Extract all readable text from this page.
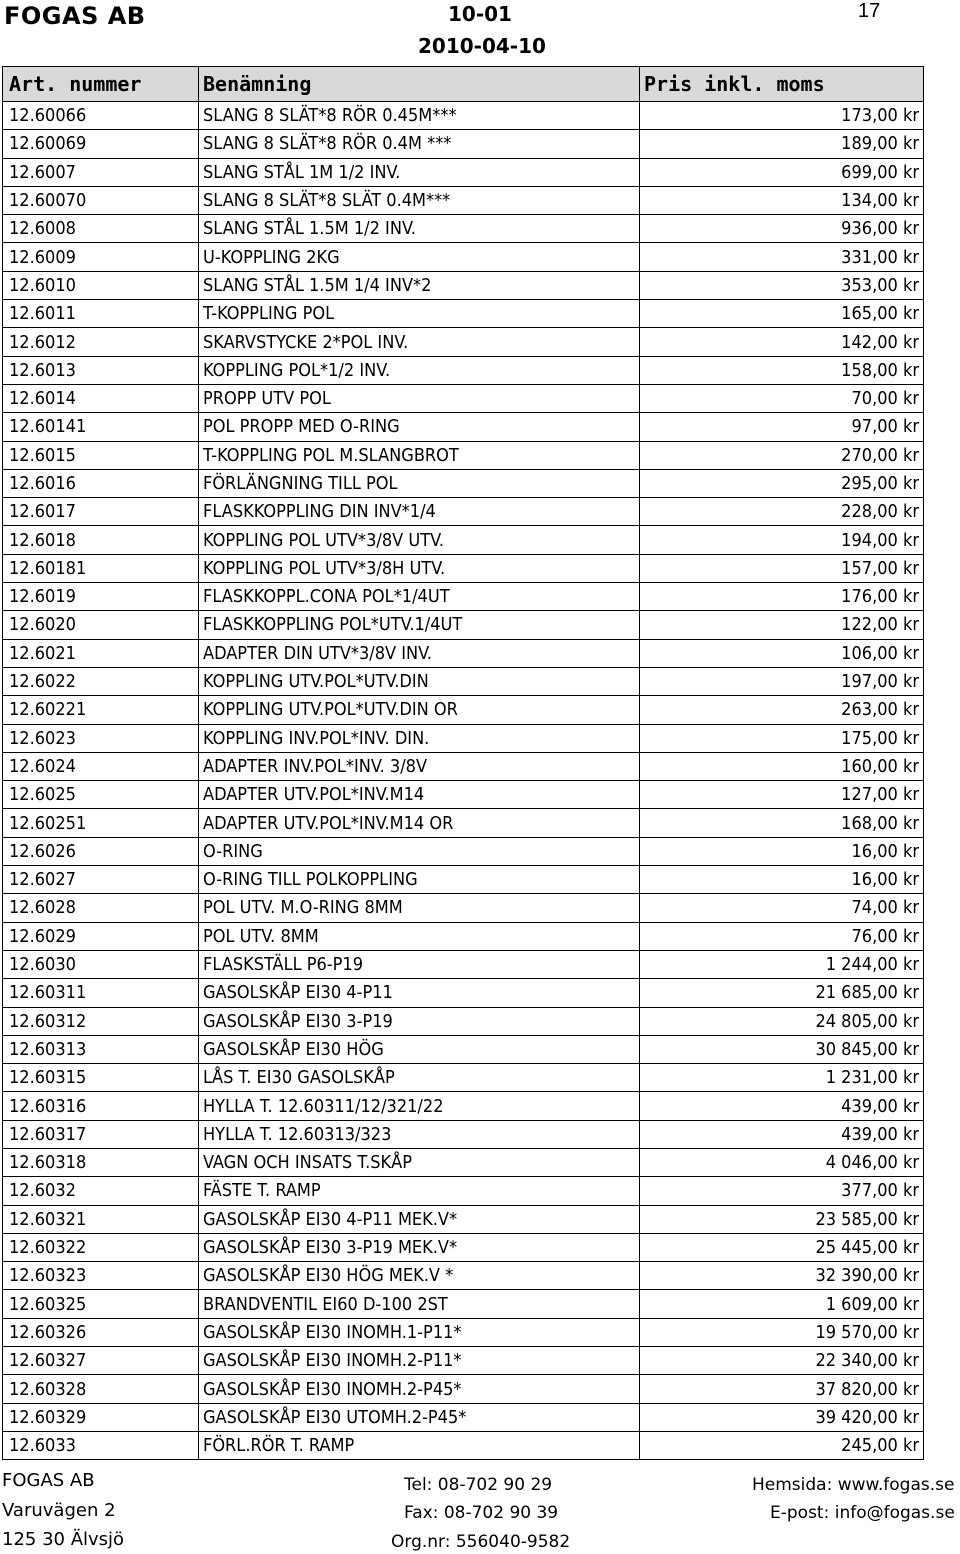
FOGAS AB	10-01
2010-04-10
17
Art. nummer	Benämning	Pris inkl. moms
12.60066	SLANG 8 SLÄT*8 RÖR 0.45M***	173,00 kr
12.60069	SLANG 8 SLÄT*8 RÖR 0.4M ***	189,00 kr
12.6007	SLANG STÅL 1M 1/2 INV.	699,00 kr
12.60070	SLANG 8 SLÄT*8 SLÄT 0.4M***	134,00 kr
12.6008	SLANG STÅL 1.5M 1/2 INV.	936,00 kr
12.6009	U-KOPPLING 2KG	331,00 kr
12.6010	SLANG STÅL 1.5M 1/4 INV*2	353,00 kr
12.6011	T-KOPPLING POL	165,00 kr
12.6012	SKARVSTYCKE 2*POL INV.	142,00 kr
12.6013	KOPPLING POL*1/2 INV.	158,00 kr
12.6014	PROPP UTV POL	70,00 kr
12.60141	POL PROPP MED O-RING	97,00 kr
12.6015	T-KOPPLING POL M.SLANGBROT	270,00 kr
12.6016	FÖRLÄNGNING TILL POL	295,00 kr
12.6017	FLASKKOPPLING DIN INV*1/4	228,00 kr
12.6018	KOPPLING POL UTV*3/8V UTV.	194,00 kr
12.60181	KOPPLING POL UTV*3/8H UTV.	157,00 kr
12.6019	FLASKKOPPL.CONA POL*1/4UT	176,00 kr
12.6020	FLASKKOPPLING POL*UTV.1/4UT	122,00 kr
12.6021	ADAPTER DIN UTV*3/8V INV.	106,00 kr
12.6022	KOPPLING UTV.POL*UTV.DIN	197,00 kr
12.60221	KOPPLING UTV.POL*UTV.DIN OR	263,00 kr
12.6023	KOPPLING INV.POL*INV. DIN.	175,00 kr
12.6024	ADAPTER INV.POL*INV. 3/8V	160,00 kr
12.6025	ADAPTER UTV.POL*INV.M14	127,00 kr
12.60251	ADAPTER UTV.POL*INV.M14 OR	168,00 kr
12.6026	O-RING	16,00 kr
12.6027	O-RING TILL POLKOPPLING	16,00 kr
12.6028	POL UTV. M.O-RING 8MM	74,00 kr
12.6029	POL UTV. 8MM	76,00 kr
12.6030	FLASKSTÄLL P6-P19	1 244,00 kr
12.60311	GASOLSKÅP EI30 4-P11	21 685,00 kr
12.60312	GASOLSKÅP EI30 3-P19	24 805,00 kr
12.60313	GASOLSKÅP EI30 HÖG	30 845,00 kr
12.60315	LÅS T. EI30 GASOLSKÅP	1 231,00 kr
12.60316	HYLLA T. 12.60311/12/321/22	439,00 kr
12.60317	HYLLA T. 12.60313/323	439,00 kr
12.60318	VAGN OCH INSATS T.SKÅP	4 046,00 kr
12.6032	FÄSTE T. RAMP	377,00 kr
12.60321	GASOLSKÅP EI30 4-P11 MEK.V*	23 585,00 kr
12.60322	GASOLSKÅP EI30 3-P19 MEK.V*	25 445,00 kr
12.60323	GASOLSKÅP EI30 HÖG MEK.V *	32 390,00 kr
12.60325	BRANDVENTIL EI60 D-100 2ST	1 609,00 kr
12.60326	GASOLSKÅP EI30 INOMH.1-P11*	19 570,00 kr
12.60327	GASOLSKÅP EI30 INOMH.2-P11*	22 340,00 kr
12.60328	GASOLSKÅP EI30 INOMH.2-P45*	37 820,00 kr
12.60329	GASOLSKÅP EI30 UTOMH.2-P45*	39 420,00 kr
12.6033	FÖRL.RÖR T. RAMP	245,00 kr
FOGAS AB
Varuvägen 2
125 30 Älvsjö
Tel: 08-702 90 29
Fax: 08-702 90 39
Org.nr: 556040-9582
Hemsida: www.fogas.se
E-post: info@fogas.se
